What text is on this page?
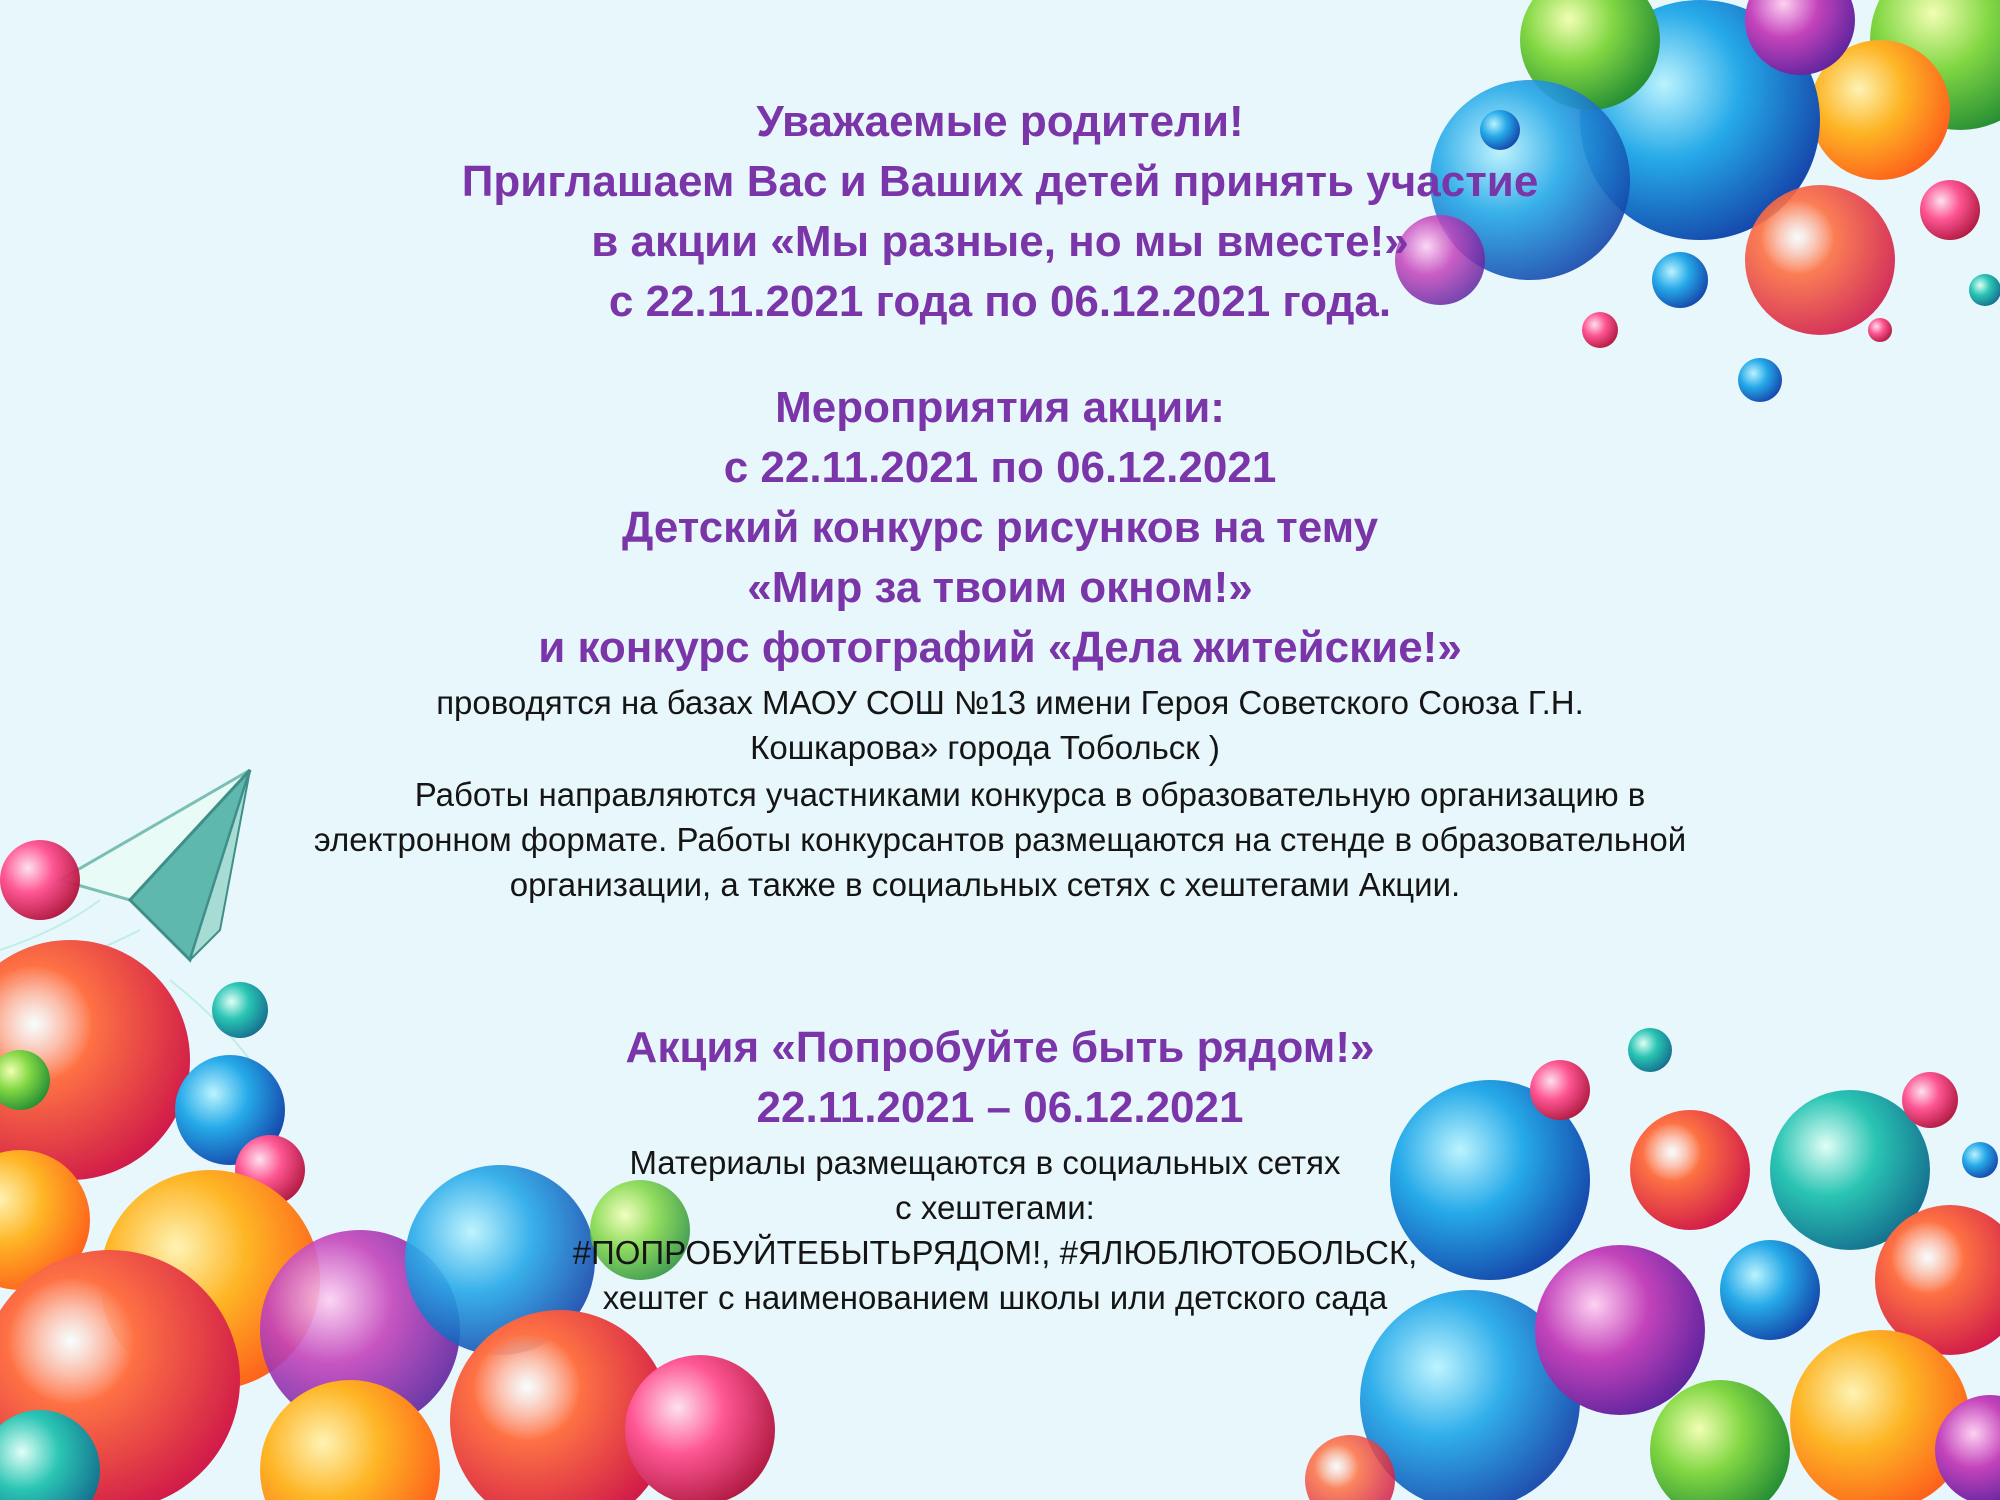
Уважаемые родители!
Приглашаем Вас и Ваших детей принять участие
в акции «Мы разные, но мы вместе!»
с 22.11.2021 года по 06.12.2021 года.
Мероприятия акции:
с 22.11.2021 по 06.12.2021
Детский конкурс рисунков на тему
«Мир за твоим окном!»
и конкурс фотографий «Дела житейские!»
проводятся на базах МАОУ СОШ №13 имени Героя Советского Союза Г.Н.
Кошкарова» города Тобольск )
Работы направляются участниками конкурса в образовательную организацию в
электронном формате. Работы конкурсантов размещаются на стенде в образовательной
организации, а также в социальных сетях с хештегами Акции.
Акция «Попробуйте быть рядом!»
22.11.2021 – 06.12.2021
Материалы размещаются в социальных сетях
с хештегами:
#ПОПРОБУЙТЕБЫТЬРЯДОМ!, #ЯЛЮБЛЮТОБОЛЬСК,
хештег с наименованием школы или детского сада
